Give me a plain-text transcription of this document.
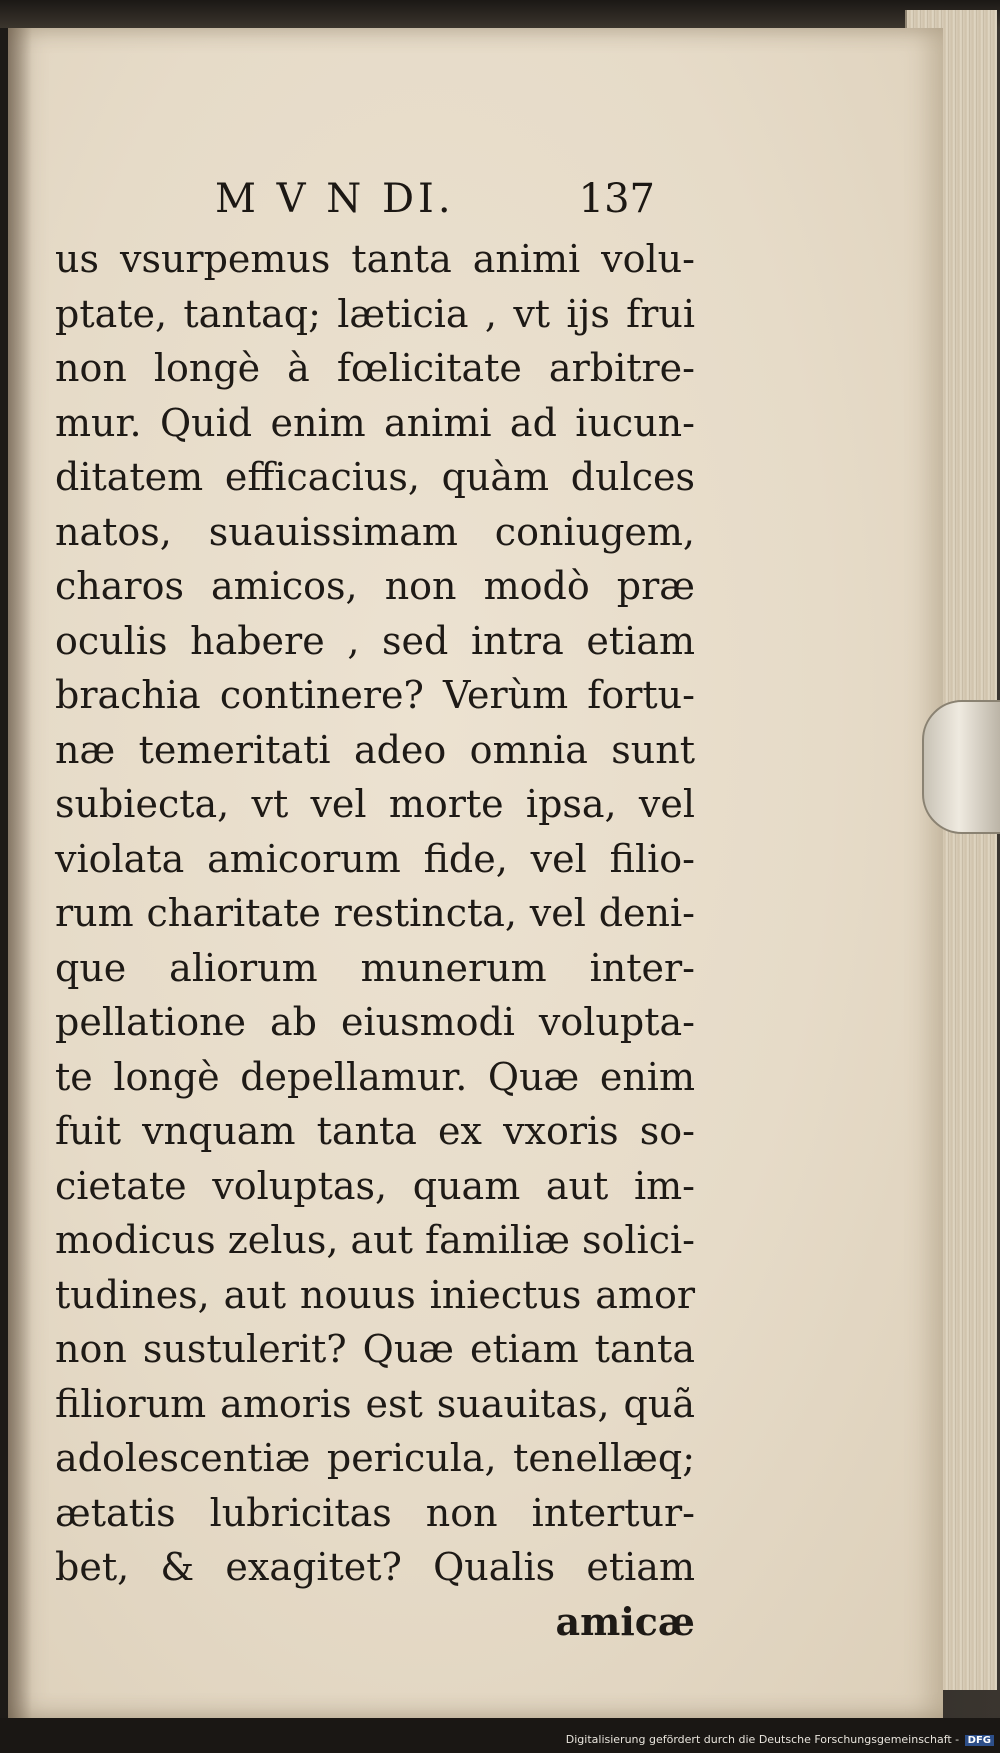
M V N DI.	137
us vsurpemus tanta animi volu-
ptate, tantaq; læticia , vt ijs frui
non longè à fœlicitate arbitre-
mur. Quid enim animi ad iucun-
ditatem efficacius, quàm dulces
natos, suauissimam coniugem,
charos amicos, non modò præ
oculis habere , sed intra etiam
brachia continere? Verùm fortu-
næ temeritati adeo omnia sunt
subiecta, vt vel morte ipsa, vel
violata amicorum fide, vel filio-
rum charitate restincta, vel deni-
que aliorum munerum inter-
pellatione ab eiusmodi volupta-
te longè depellamur. Quæ enim
fuit vnquam tanta ex vxoris so-
cietate voluptas, quam aut im-
modicus zelus, aut familiæ solici-
tudines, aut nouus iniectus amor
non sustulerit? Quæ etiam tanta
filiorum amoris est suauitas, quã
adolescentiæ pericula, tenellæq;
ætatis lubricitas non intertur-
bet, & exagitet? Qualis etiam
amicæ
Digitalisierung gefördert durch die Deutsche Forschungsgemeinschaft - DFG
